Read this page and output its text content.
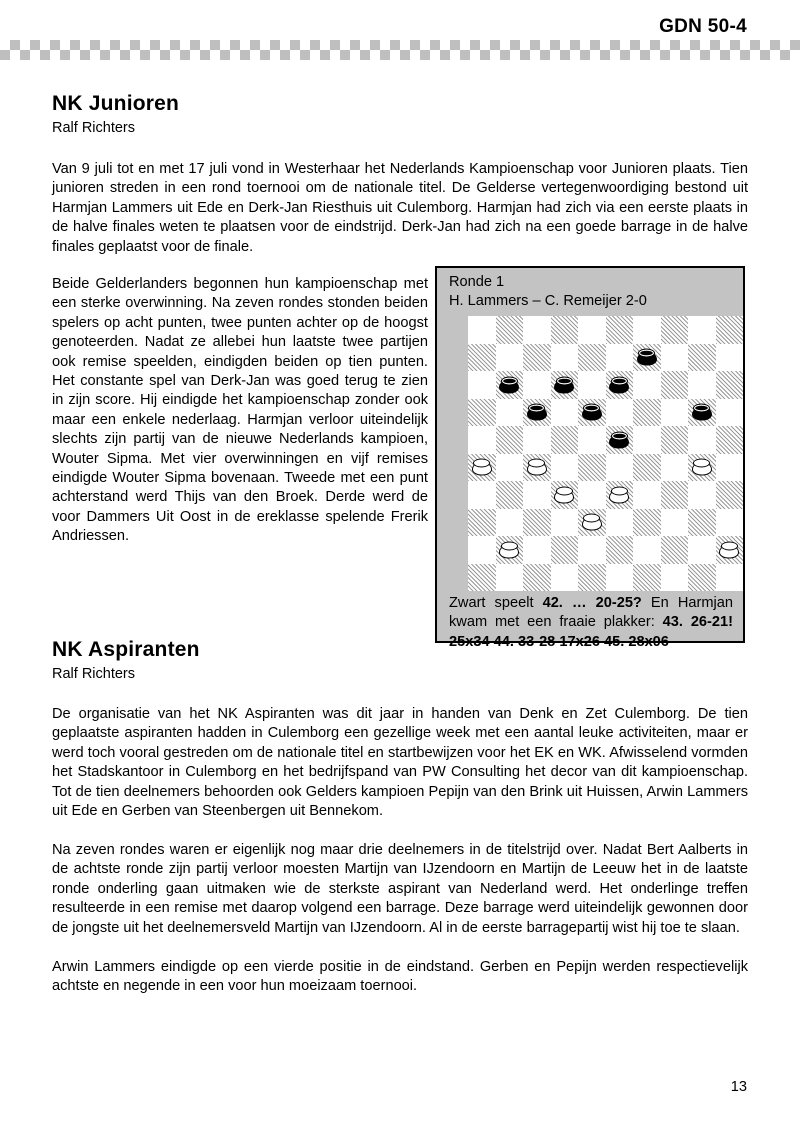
GDN 50-4
NK Junioren
Ralf Richters
Van 9 juli tot en met 17 juli vond in Westerhaar het Nederlands Kampioenschap voor Junioren plaats. Tien junioren streden in een rond toernooi om de nationale titel. De Gelderse vertegenwoordiging bestond uit Harmjan Lammers uit Ede en Derk-Jan Riesthuis uit Culemborg. Harmjan had zich via een eerste plaats in de halve finales weten te plaatsen voor de eindstrijd. Derk-Jan had zich na een goede barrage in de halve finales geplaatst voor de finale.
Beide Gelderlanders begonnen hun kampioenschap met een sterke overwinning. Na zeven rondes stonden beiden spelers op acht punten, twee punten achter op de hoogst genoteerden. Nadat ze allebei hun laatste twee partijen ook remise speelden, eindigden beiden op tien punten. Het constante spel van Derk-Jan was goed terug te zien in zijn score. Hij eindigde het kampioenschap zonder ook maar een enkele nederlaag. Harmjan verloor uiteindelijk slechts zijn partij van de nieuwe Nederlands kampioen, Wouter Sipma. Met vier overwinningen en vijf remises eindigde Wouter Sipma bovenaan. Tweede met een punt achterstand werd Thijs van den Broek. Derde werd de voor Dammers Uit Oost in de ereklasse spelende Frerik Andriessen.
Ronde 1
H. Lammers – C. Remeijer 2-0
Zwart speelt 42. … 20-25? En Harmjan kwam met een fraaie plakker: 43. 26-21! 25x34 44. 33-28 17x26 45. 28x06
NK Aspiranten
Ralf Richters
De organisatie van het NK Aspiranten was dit jaar in handen van Denk en Zet Culemborg. De tien geplaatste aspiranten hadden in Culemborg een gezellige week met een aantal leuke activiteiten, maar er werd toch vooral gestreden om de nationale titel en startbewijzen voor het EK en WK. Afwisselend vormden het Stadskantoor in Culemborg en het bedrijfspand van PW Consulting het decor van dit kampioenschap. Tot de tien deelnemers behoorden ook Gelders kampioen Pepijn van den Brink uit Huissen, Arwin Lammers uit Ede en Gerben van Steenbergen uit Bennekom.
Na zeven rondes waren er eigenlijk nog maar drie deelnemers in de titelstrijd over. Nadat Bert Aalberts in de achtste ronde zijn partij verloor moesten Martijn van IJzendoorn en Martijn de Leeuw het in de laatste ronde onderling gaan uitmaken wie de sterkste aspirant van Nederland werd. Het onderlinge treffen resulteerde in een remise met daarop volgend een barrage. Deze barrage werd uiteindelijk gewonnen door de jongste uit het deelnemersveld Martijn van IJzendoorn. Al in de eerste barragepartij wist hij toe te slaan.
Arwin Lammers eindigde op een vierde positie in de eindstand. Gerben en Pepijn werden respectievelijk achtste en negende in een voor hun moeizaam toernooi.
13
